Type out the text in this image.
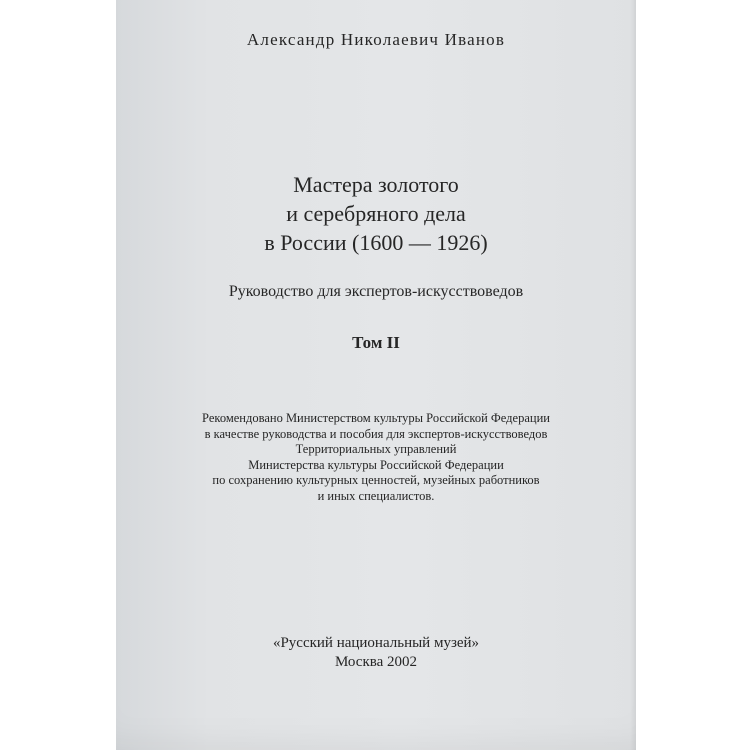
Александр Николаевич Иванов
Мастера золотого
и серебряного дела
в России (1600 — 1926)
Руководство для экспертов-искусствоведов
Том II
Рекомендовано Министерством культуры Российской Федерации
в качестве руководства и пособия для экспертов-искусствоведов
Территориальных управлений
Министерства культуры Российской Федерации
по сохранению культурных ценностей, музейных работников
и иных специалистов.
«Русский национальный музей»
Москва 2002
